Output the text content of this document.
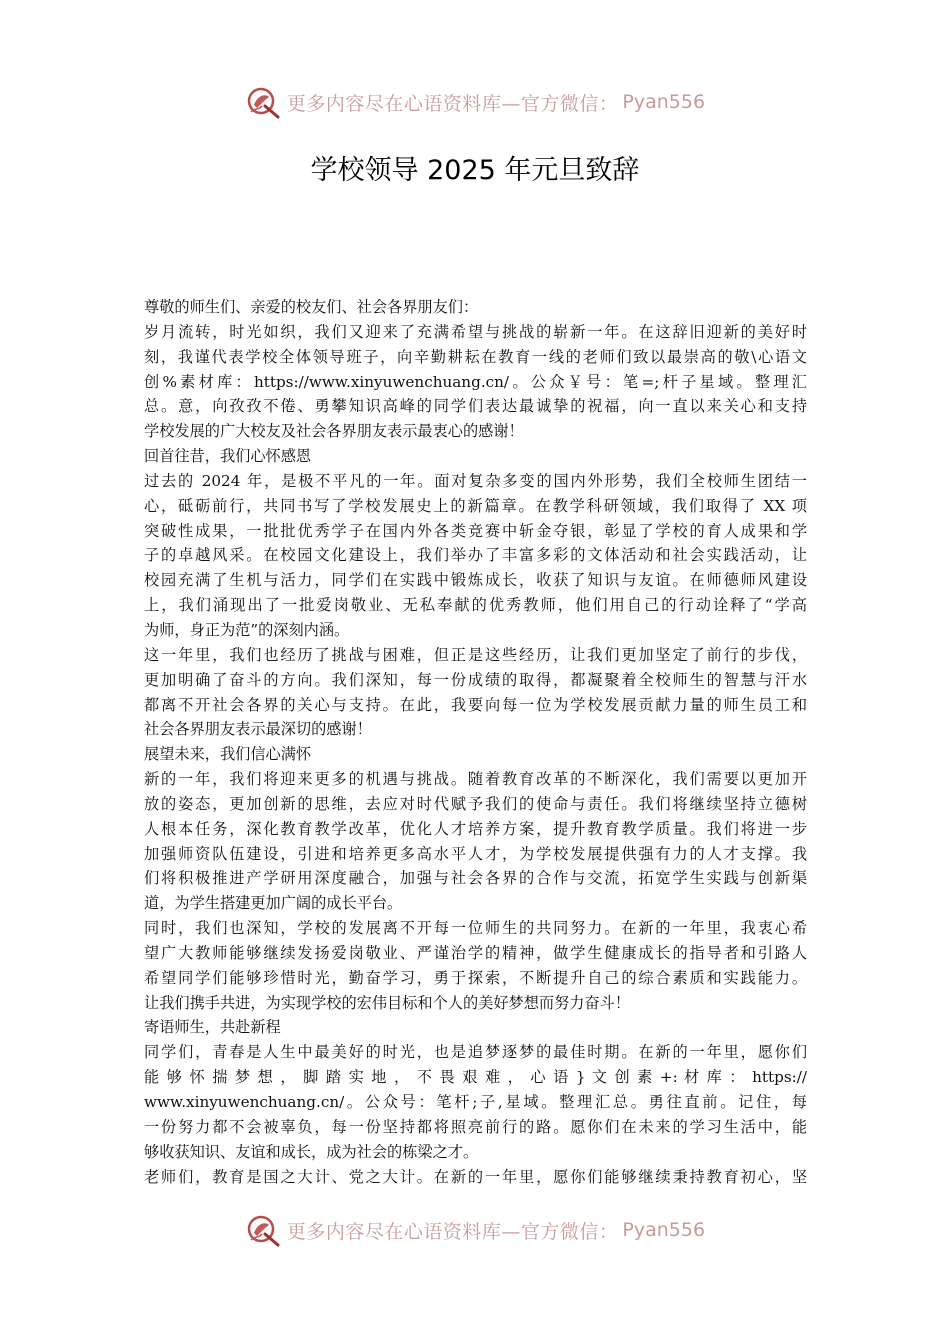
更多内容尽在心语资料库—官方微信： Pyan556
学校领导 2025 年元旦致辞
尊敬的师生们、亲爱的校友们、社会各界朋友们：
岁月流转，时光如织，我们又迎来了充满希望与挑战的崭新一年。在这辞旧迎新的美好时
刻，我谨代表学校全体领导班子，向辛勤耕耘在教育一线的老师们致以最崇高的敬\心语文
创%素材库：https://www.xinyuwenchuang.cn/。公众￥号：笔=;杆子星域。整理汇
总。意，向孜孜不倦、勇攀知识高峰的同学们表达最诚挚的祝福，向一直以来关心和支持
学校发展的广大校友及社会各界朋友表示最衷心的感谢！
回首往昔，我们心怀感恩
过去的 2024 年，是极不平凡的一年。面对复杂多变的国内外形势，我们全校师生团结一
心，砥砺前行，共同书写了学校发展史上的新篇章。在教学科研领域，我们取得了 XX 项
突破性成果，一批批优秀学子在国内外各类竞赛中斩金夺银，彰显了学校的育人成果和学
子的卓越风采。在校园文化建设上，我们举办了丰富多彩的文体活动和社会实践活动，让
校园充满了生机与活力，同学们在实践中锻炼成长，收获了知识与友谊。在师德师风建设
上，我们涌现出了一批爱岗敬业、无私奉献的优秀教师，他们用自己的行动诠释了“学高
为师，身正为范”的深刻内涵。
这一年里，我们也经历了挑战与困难，但正是这些经历，让我们更加坚定了前行的步伐，
更加明确了奋斗的方向。我们深知，每一份成绩的取得，都凝聚着全校师生的智慧与汗水
都离不开社会各界的关心与支持。在此，我要向每一位为学校发展贡献力量的师生员工和
社会各界朋友表示最深切的感谢！
展望未来，我们信心满怀
新的一年，我们将迎来更多的机遇与挑战。随着教育改革的不断深化，我们需要以更加开
放的姿态，更加创新的思维，去应对时代赋予我们的使命与责任。我们将继续坚持立德树
人根本任务，深化教育教学改革，优化人才培养方案，提升教育教学质量。我们将进一步
加强师资队伍建设，引进和培养更多高水平人才，为学校发展提供强有力的人才支撑。我
们将积极推进产学研用深度融合，加强与社会各界的合作与交流，拓宽学生实践与创新渠
道，为学生搭建更加广阔的成长平台。
同时，我们也深知，学校的发展离不开每一位师生的共同努力。在新的一年里，我衷心希
望广大教师能够继续发扬爱岗敬业、严谨治学的精神，做学生健康成长的指导者和引路人
希望同学们能够珍惜时光，勤奋学习，勇于探索，不断提升自己的综合素质和实践能力。
让我们携手共进，为实现学校的宏伟目标和个人的美好梦想而努力奋斗！
寄语师生，共赴新程
同学们，青春是人生中最美好的时光，也是追梦逐梦的最佳时期。在新的一年里，愿你们
能 够 怀 揣 梦 想 ， 脚 踏 实 地 ， 不 畏 艰 难 ， 心 语 } 文 创 素 +: 材 库 ： https://
www.xinyuwenchuang.cn/。公众号：笔杆;子,星域。整理汇总。勇往直前。记住，每
一份努力都不会被辜负，每一份坚持都将照亮前行的路。愿你们在未来的学习生活中，能
够收获知识、友谊和成长，成为社会的栋梁之才。
老师们，教育是国之大计、党之大计。在新的一年里，愿你们能够继续秉持教育初心，坚
更多内容尽在心语资料库—官方微信： Pyan556
